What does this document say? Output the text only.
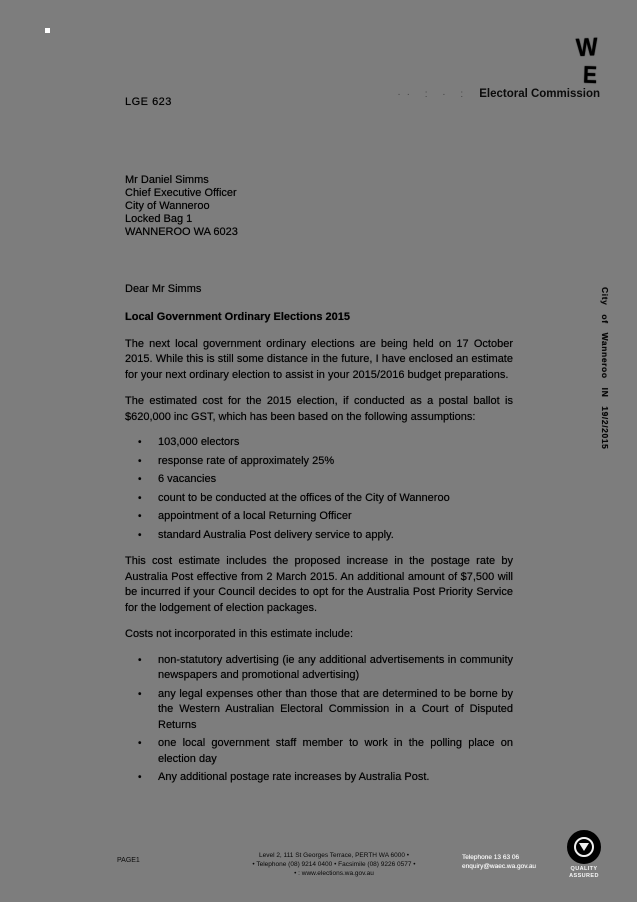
W
E
·· : · : Electoral Commission
LGE 623
Mr Daniel Simms
Chief Executive Officer
City of Wanneroo
Locked Bag 1
WANNEROO WA 6023
Dear Mr Simms
Local Government Ordinary Elections 2015

The next local government ordinary elections are being held on 17 October 2015. While this is still some distance in the future, I have enclosed an estimate for your next ordinary election to assist in your 2015/2016 budget preparations.

The estimated cost for the 2015 election, if conducted as a postal ballot is $620,000 inc GST, which has been based on the following assumptions:

• 103,000 electors
• response rate of approximately 25%
• 6 vacancies
• count to be conducted at the offices of the City of Wanneroo
• appointment of a local Returning Officer
• standard Australia Post delivery service to apply.

This cost estimate includes the proposed increase in the postage rate by Australia Post effective from 2 March 2015. An additional amount of $7,500 will be incurred if your Council decides to opt for the Australia Post Priority Service for the lodgement of election packages.

Costs not incorporated in this estimate include:

• non-statutory advertising (ie any additional advertisements in community newspapers and promotional advertising)
• any legal expenses other than those that are determined to be borne by the Western Australian Electoral Commission in a Court of Disputed Returns
• one local government staff member to work in the polling place on election day
• Any additional postage rate increases by Australia Post.
City of Wanneroo IN 19/2/2015
PAGE1
Level 2, 111 St Georges Terrace, PERTH WA 6000 •
• Telephone (08) 9214 0400 • Facsimile (08) 9226 0577 •
• : www.elections.wa.gov.au
Telephone 13 63 06
enquiry@waec.wa.gov.au	QUALITY
ASSURED
